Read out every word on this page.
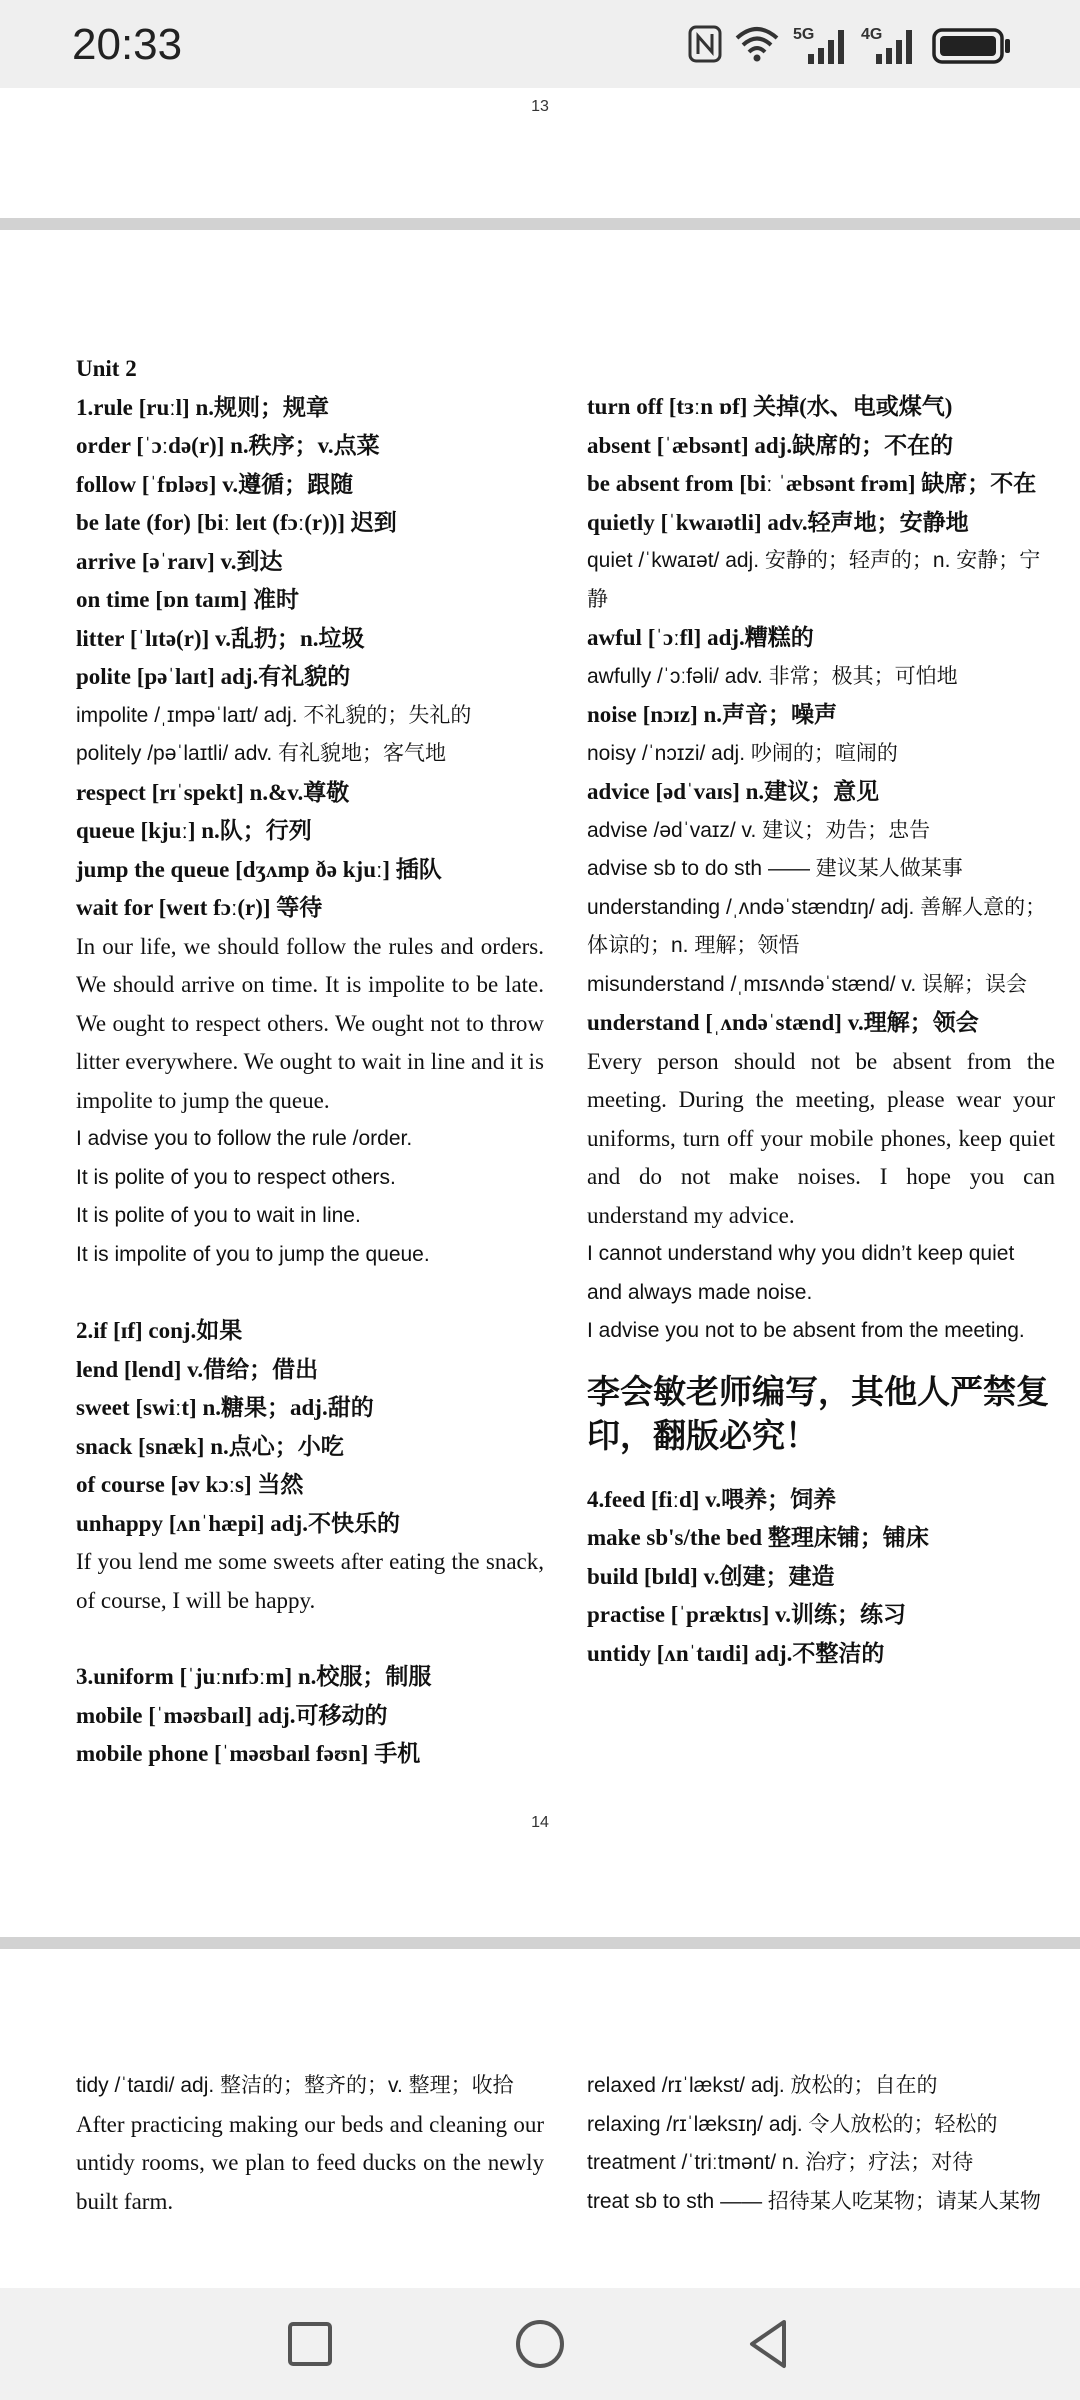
20:33	5G	4G
13

Unit 2

1.rule [ruːl] n.规则；规章

order [ˈɔːdə(r)] n.秩序；v.点菜

follow [ˈfɒləʊ] v.遵循；跟随

be late (for) [biː leɪt (fɔː(r))] 迟到

arrive [əˈraɪv] v.到达

on time [ɒn taɪm] 准时

litter [ˈlɪtə(r)] v.乱扔；n.垃圾

polite [pəˈlaɪt] adj.有礼貌的

impolite /ˌɪmpəˈlaɪt/ adj. 不礼貌的；失礼的

politely /pəˈlaɪtli/ adv. 有礼貌地；客气地

respect [rɪˈspekt] n.&v.尊敬

queue [kjuː] n.队；行列

jump the queue [dʒʌmp ðə kjuː] 插队

wait for [weɪt fɔː(r)] 等待

In our life, we should follow the rules and orders. We should arrive on time. It is impolite to be late. We ought to respect others. We ought not to throw litter everywhere. We ought to wait in line and it is impolite to jump the queue.

I advise you to follow the rule /order.

It is polite of you to respect others.

It is polite of you to wait in line.

It is impolite of you to jump the queue.

2.if [ɪf] conj.如果

lend [lend] v.借给；借出

sweet [swiːt] n.糖果；adj.甜的

snack [snæk] n.点心；小吃

of course [əv kɔːs] 当然

unhappy [ʌnˈhæpi] adj.不快乐的

If you lend me some sweets after eating the snack, of course, I will be happy.

3.uniform [ˈjuːnɪfɔːm] n.校服；制服

mobile [ˈməʊbaɪl] adj.可移动的

mobile phone [ˈməʊbaɪl fəʊn] 手机

turn off [tɜːn ɒf] 关掉(水、电或煤气)

absent [ˈæbsənt] adj.缺席的；不在的

be absent from [biː ˈæbsənt frəm] 缺席；不在

quietly [ˈkwaɪətli] adv.轻声地；安静地

quiet /ˈkwaɪət/ adj. 安静的；轻声的；n. 安静；宁静

awful [ˈɔːfl] adj.糟糕的

awfully /ˈɔːfəli/ adv. 非常；极其；可怕地

noise [nɔɪz] n.声音；噪声

noisy /ˈnɔɪzi/ adj. 吵闹的；喧闹的

advice [ədˈvaɪs] n.建议；意见

advise /ədˈvaɪz/ v. 建议；劝告；忠告

advise sb to do sth —— 建议某人做某事

understanding /ˌʌndəˈstændɪŋ/ adj. 善解人意的；体谅的；n. 理解；领悟

misunderstand /ˌmɪsʌndəˈstænd/ v. 误解；误会

understand [ˌʌndəˈstænd] v.理解；领会

Every person should not be absent from the meeting. During the meeting, please wear your uniforms, turn off your mobile phones, keep quiet and do not make noises. I hope you can understand my advice.

I cannot understand why you didn’t keep quiet and always made noise.

I advise you not to be absent from the meeting.

李会敏老师编写，其他人严禁复印，翻版必究！

4.feed [fiːd] v.喂养；饲养

make sb's/the bed 整理床铺；铺床

build [bɪld] v.创建；建造

practise [ˈpræktɪs] v.训练；练习

untidy [ʌnˈtaɪdi] adj.不整洁的

14

tidy /ˈtaɪdi/ adj. 整洁的；整齐的；v. 整理；收拾

After practicing making our beds and cleaning our untidy rooms, we plan to feed ducks on the newly built farm.

relaxed /rɪˈlækst/ adj. 放松的；自在的

relaxing /rɪˈlæksɪŋ/ adj. 令人放松的；轻松的

treatment /ˈtriːtmənt/ n. 治疗；疗法；对待

treat sb to sth —— 招待某人吃某物；请某人某物
